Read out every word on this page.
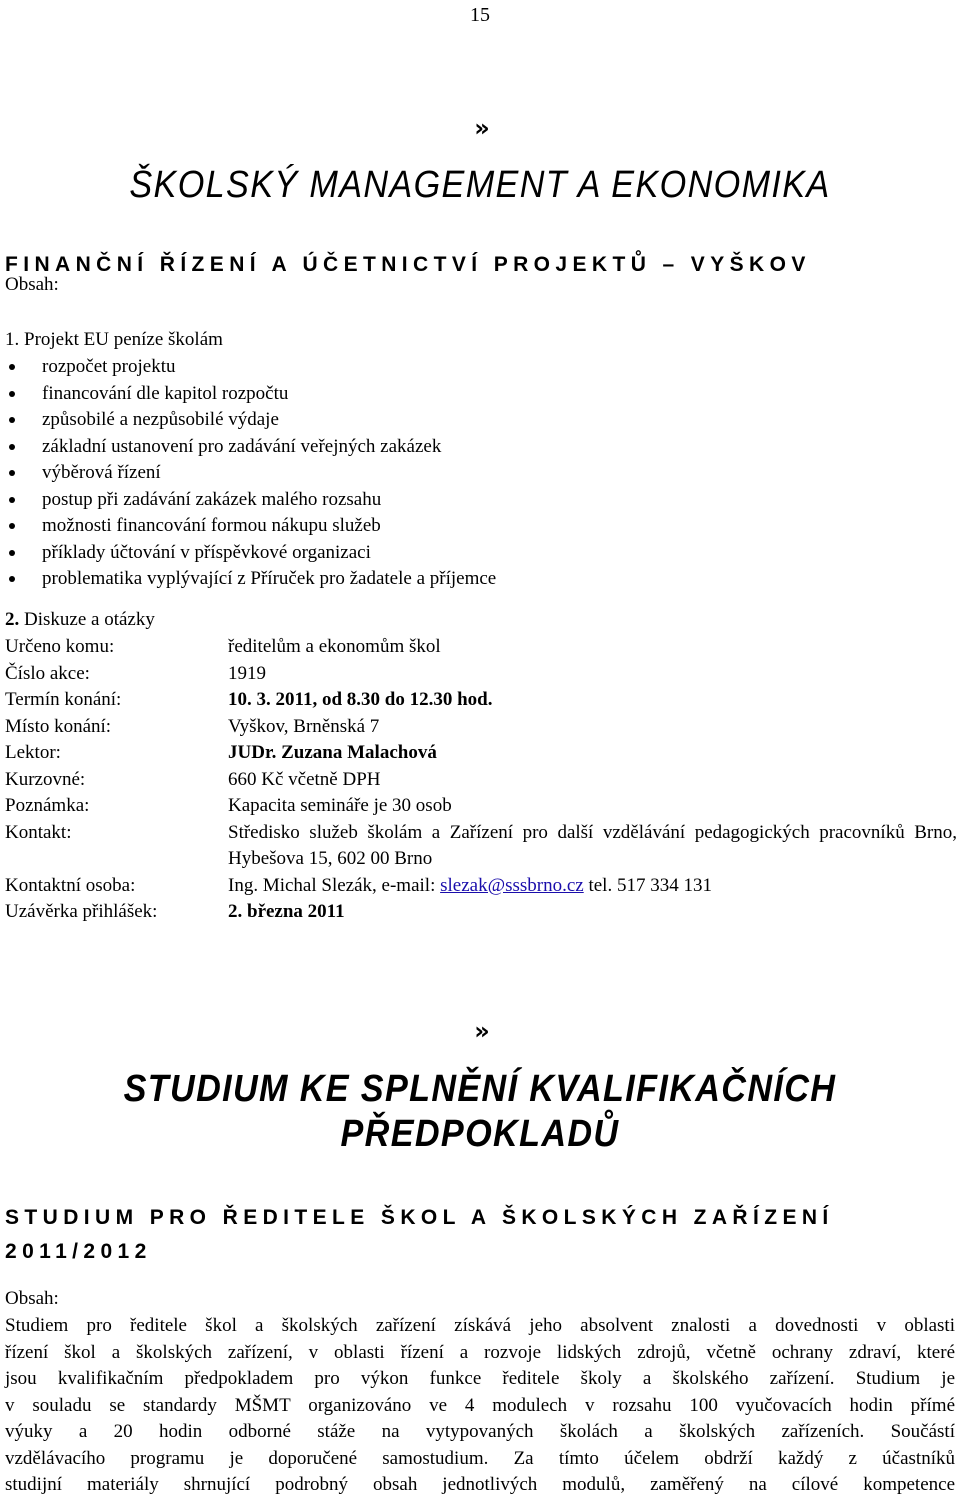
15
»
ŠKOLSKÝ MANAGEMENT A EKONOMIKA
FINANČNÍ ŘÍZENÍ A ÚČETNICTVÍ PROJEKTŮ – VYŠKOV
Obsah:
1. Projekt EU peníze školám
rozpočet projektu
financování dle kapitol rozpočtu
způsobilé a nezpůsobilé výdaje
základní ustanovení pro zadávání veřejných zakázek
výběrová řízení
postup při zadávání zakázek malého rozsahu
možnosti financování formou nákupu služeb
příklady účtování v příspěvkové organizaci
problematika vyplývající z Příruček pro žadatele a příjemce
2. Diskuze a otázky
Určeno komu:	ředitelům a ekonomům škol
Číslo akce:	1919
Termín konání:	10. 3. 2011, od 8.30 do 12.30 hod.
Místo konání:	Vyškov, Brněnská 7
Lektor:	JUDr. Zuzana Malachová
Kurzovné:	660 Kč včetně DPH
Poznámka:	Kapacita semináře je 30 osob
Kontakt:	Středisko služeb školám a Zařízení pro další vzdělávání pedagogických pracovníků Brno, Hybešova 15, 602 00 Brno
Kontaktní osoba:	Ing. Michal Slezák, e-mail: slezak@sssbrno.cz tel. 517 334 131
Uzávěrka přihlášek:	2. března 2011
»
STUDIUM KE SPLNĚNÍ KVALIFIKAČNÍCH
PŘEDPOKLADŮ
STUDIUM PRO ŘEDITELE ŠKOL A ŠKOLSKÝCH ZAŘÍZENÍ
2011/2012
Obsah:
Studiem pro ředitele škol a školských zařízení získává jeho absolvent znalosti a dovednosti v oblasti
řízení škol a školských zařízení, v oblasti řízení a rozvoje lidských zdrojů, včetně ochrany zdraví, které
jsou kvalifikačním předpokladem pro výkon funkce ředitele školy a školského zařízení. Studium je
v souladu se standardy MŠMT organizováno ve 4 modulech v rozsahu 100 vyučovacích hodin přímé
výuky a 20 hodin odborné stáže na vytypovaných školách a školských zařízeních. Součástí
vzdělávacího programu je doporučené samostudium. Za tímto účelem obdrží každý z účastníků
studijní materiály shrnující podrobný obsah jednotlivých modulů, zaměřený na cílové kompetence
